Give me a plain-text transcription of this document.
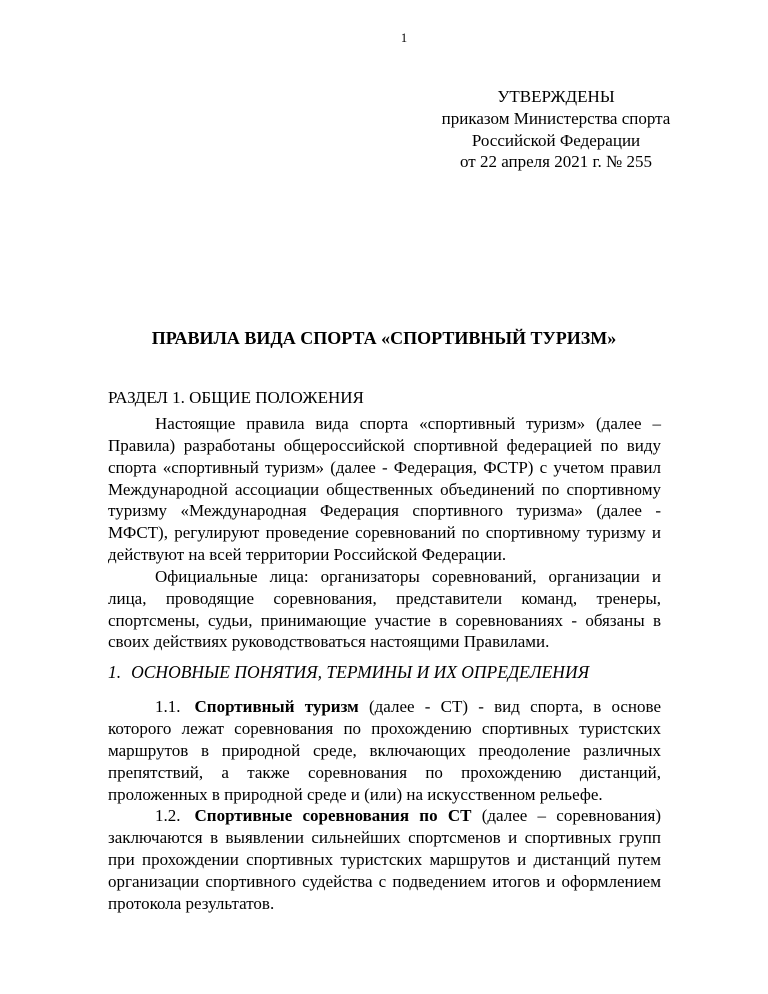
1
УТВЕРЖДЕНЫ
приказом Министерства спорта
Российской Федерации
от 22 апреля 2021 г. № 255
ПРАВИЛА ВИДА СПОРТА «СПОРТИВНЫЙ ТУРИЗМ»
РАЗДЕЛ 1. ОБЩИЕ ПОЛОЖЕНИЯ

Настоящие правила вида спорта «спортивный туризм» (далее – Правила) разработаны общероссийской спортивной федерацией по виду спорта «спортивный туризм» (далее - Федерация, ФСТР) с учетом правил Международной ассоциации общественных объединений по спортивному туризму «Международная Федерация спортивного туризма» (далее - МФСТ), регулируют проведение соревнований по спортивному туризму и действуют на всей территории Российской Федерации.

Официальные лица: организаторы соревнований, организации и лица, проводящие соревнования, представители команд, тренеры, спортсмены, судьи, принимающие участие в соревнованиях - обязаны в своих действиях руководствоваться настоящими Правилами.

1. ОСНОВНЫЕ ПОНЯТИЯ, ТЕРМИНЫ И ИХ ОПРЕДЕЛЕНИЯ

1.1. Спортивный туризм (далее - СТ) - вид спорта, в основе которого лежат соревнования по прохождению спортивных туристских маршрутов в природной среде, включающих преодоление различных препятствий, а также соревнования по прохождению дистанций, проложенных в природной среде и (или) на искусственном рельефе.

1.2. Спортивные соревнования по СТ (далее – соревнования) заключаются в выявлении сильнейших спортсменов и спортивных групп при прохождении спортивных туристских маршрутов и дистанций путем организации спортивного судейства с подведением итогов и оформлением протокола результатов.
